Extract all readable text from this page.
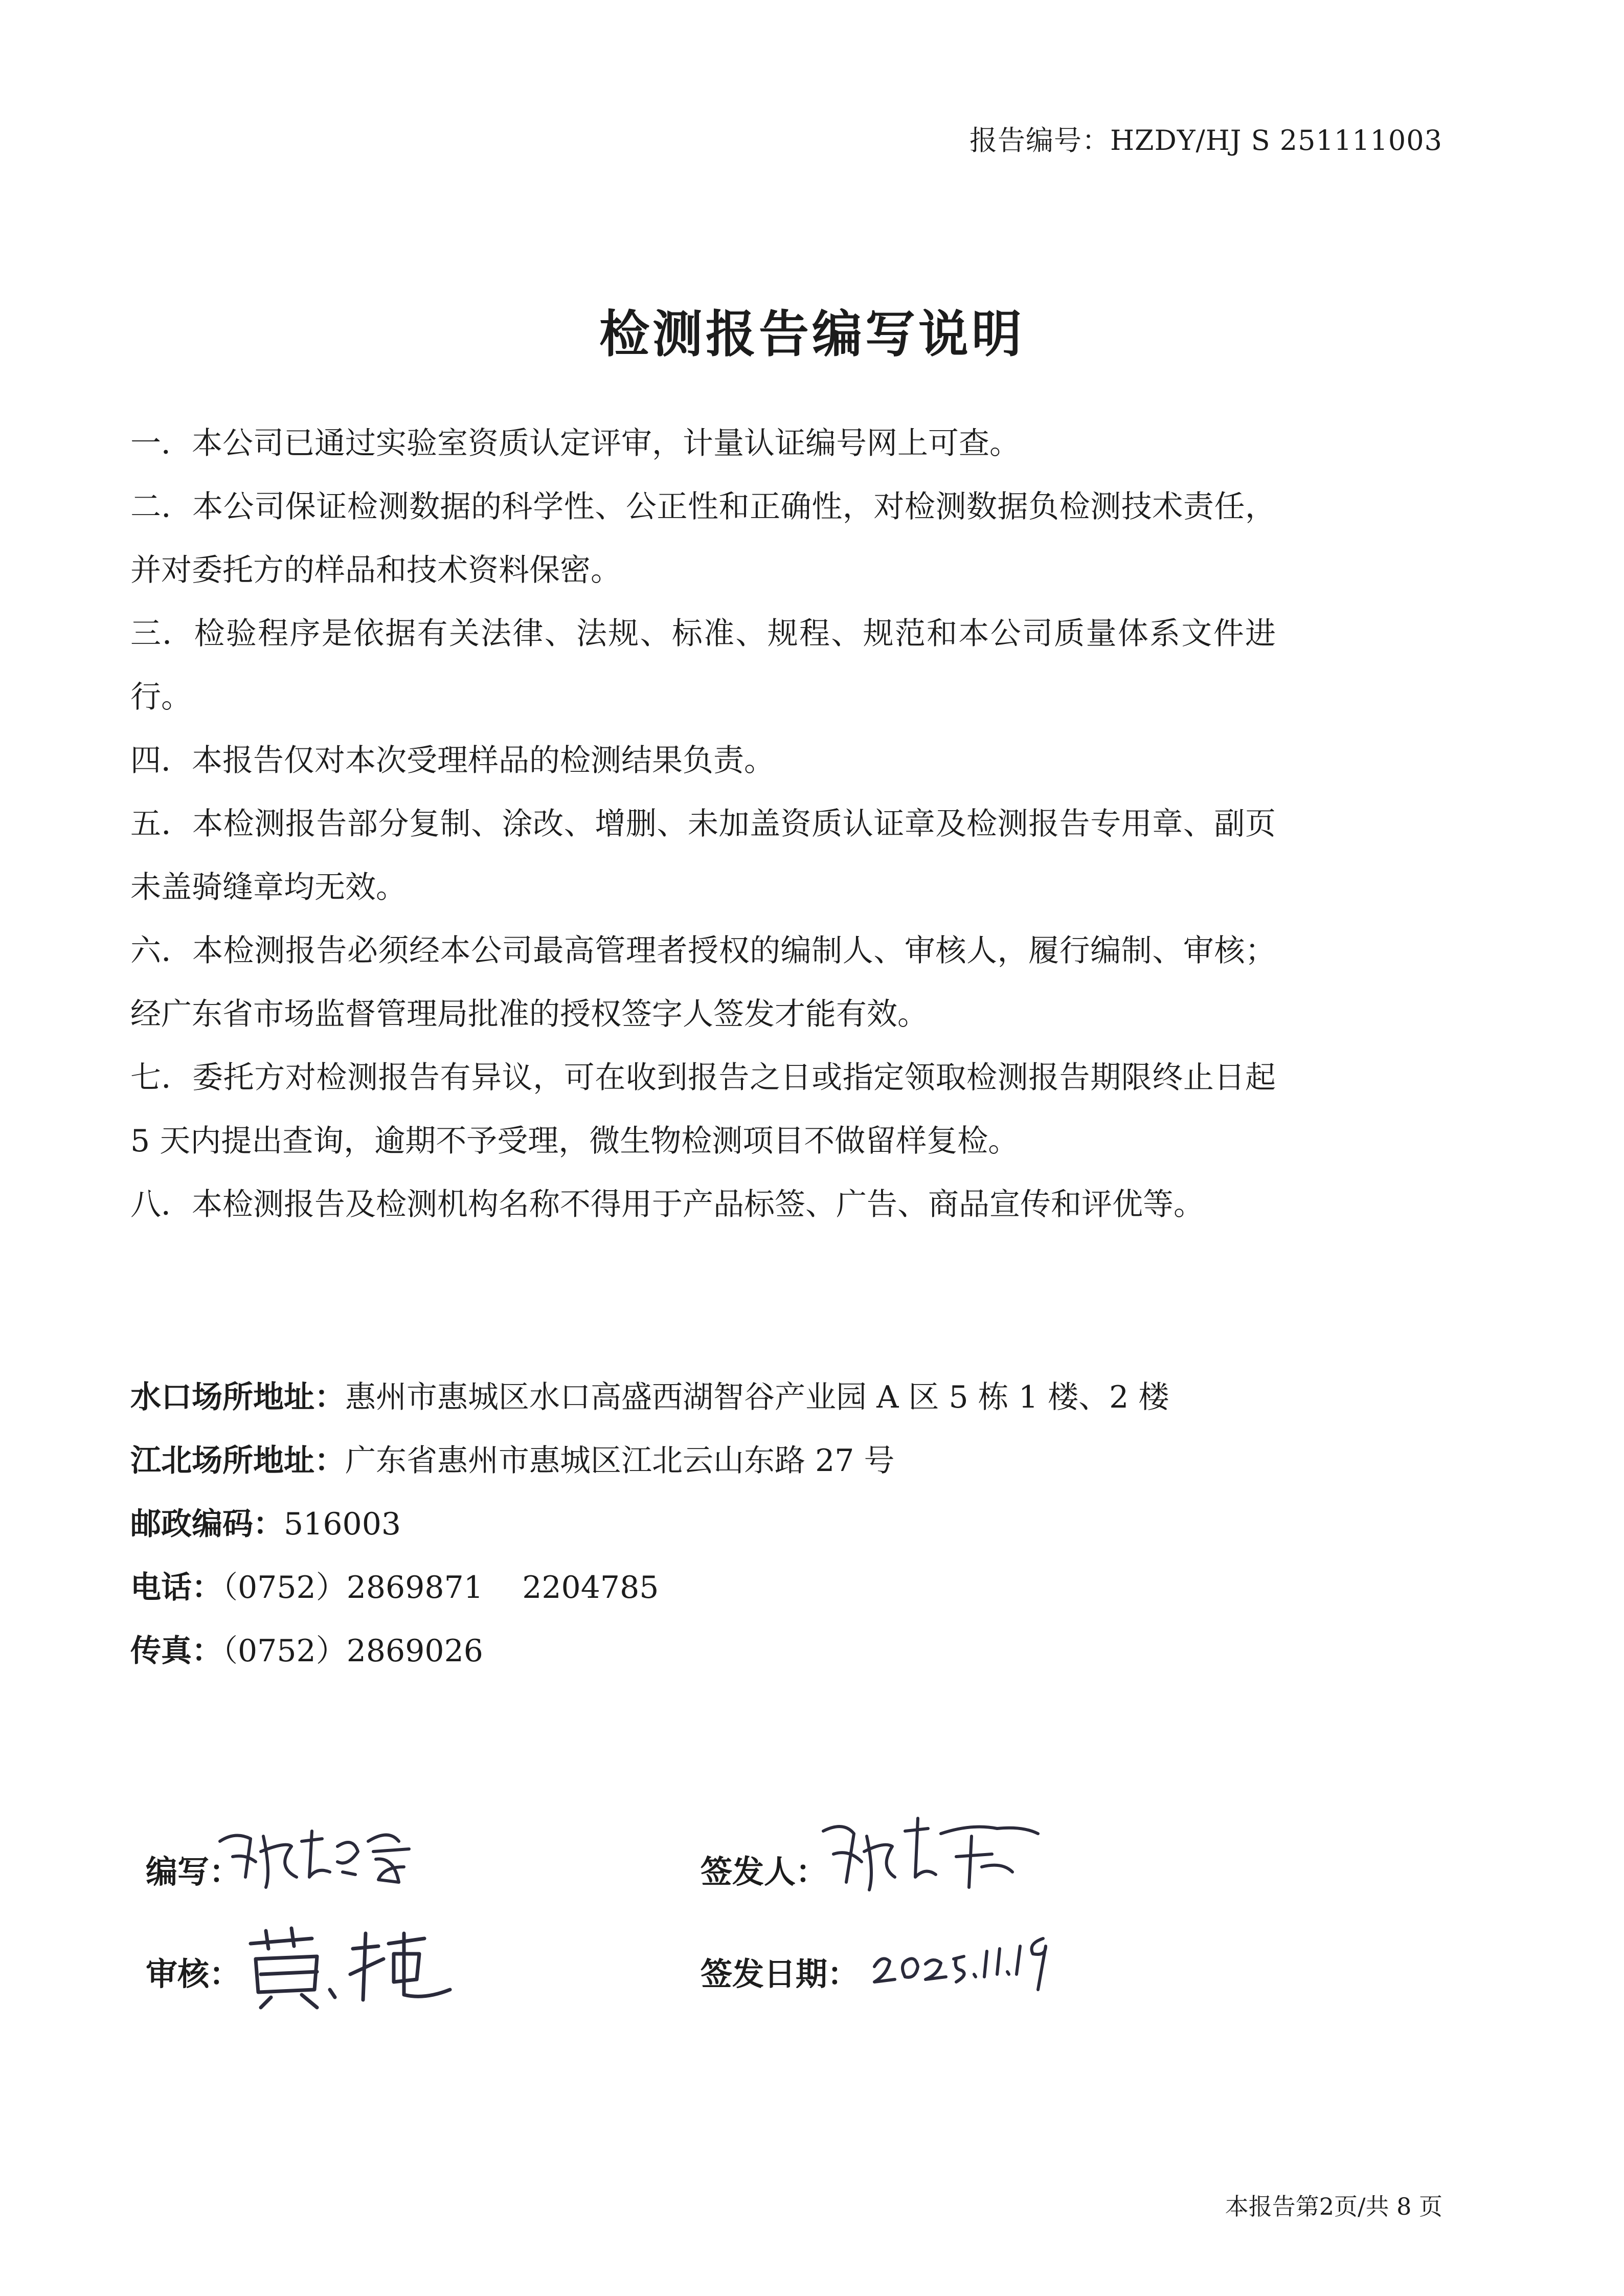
报告编号：HZDY/HJ S 251111003
检测报告编写说明

一．本公司已通过实验室资质认定评审，计量认证编号网上可查。

二．本公司保证检测数据的科学性、公正性和正确性，对检测数据负检测技术责任，并对委托方的样品和技术资料保密。

三．检验程序是依据有关法律、法规、标准、规程、规范和本公司质量体系文件进行。

四．本报告仅对本次受理样品的检测结果负责。

五．本检测报告部分复制、涂改、增删、未加盖资质认证章及检测报告专用章、副页未盖骑缝章均无效。

六．本检测报告必须经本公司最高管理者授权的编制人、审核人，履行编制、审核；经广东省市场监督管理局批准的授权签字人签发才能有效。

七．委托方对检测报告有异议，可在收到报告之日或指定领取检测报告期限终止日起 5 天内提出查询，逾期不予受理，微生物检测项目不做留样复检。

八．本检测报告及检测机构名称不得用于产品标签、广告、商品宣传和评优等。

水口场所地址：惠州市惠城区水口高盛西湖智谷产业园 A 区 5 栋 1 楼、2 楼
江北场所地址：广东省惠州市惠城区江北云山东路 27 号
邮政编码：516003
电话：（0752）2869871    2204785
传真：（0752）2869026
编写：
审核：
签发人：
签发日期：
本报告第2页/共 8 页
